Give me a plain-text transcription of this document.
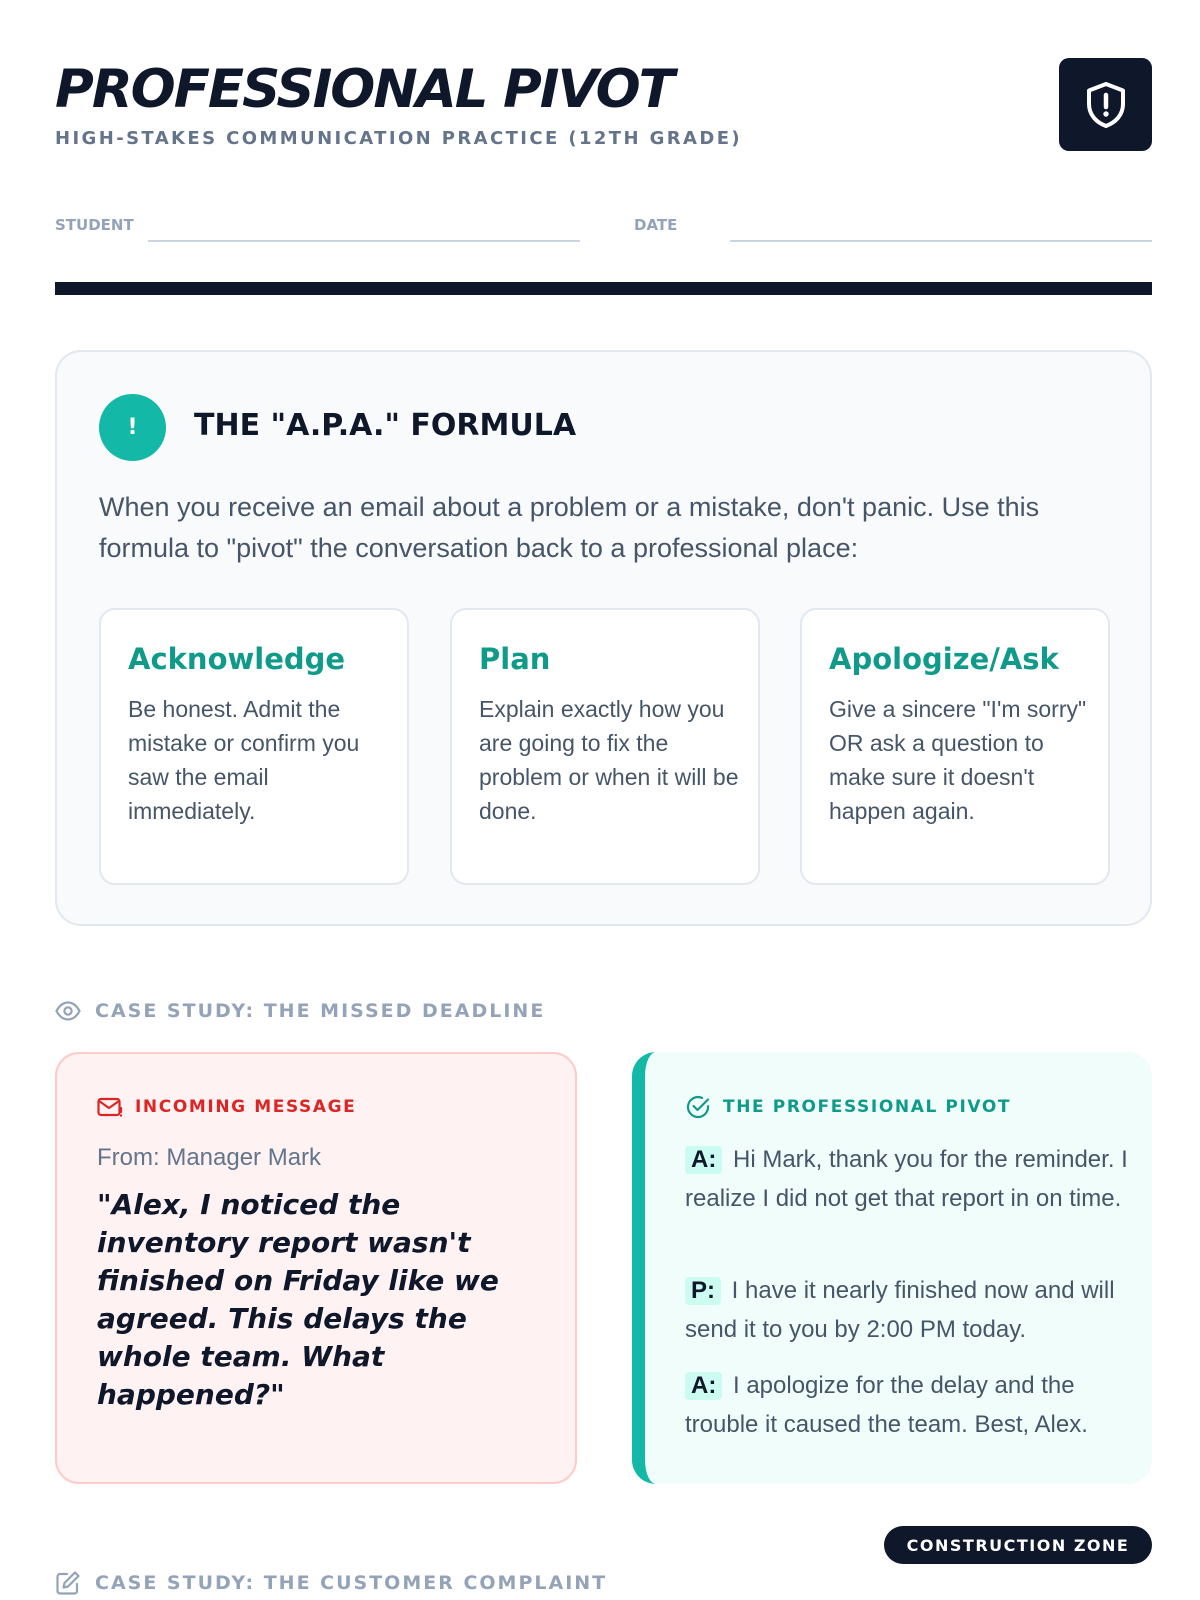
PROFESSIONAL PIVOT
HIGH-STAKES COMMUNICATION PRACTICE (12TH GRADE)
STUDENT	DATE
!	THE "A.P.A." FORMULA
When you receive an email about a problem or a mistake, don't panic. Use this formula to "pivot" the conversation back to a professional place:
Acknowledge
Be honest. Admit the mistake or confirm you saw the email immediately.
Plan
Explain exactly how you are going to fix the problem or when it will be done.
Apologize/Ask
Give a sincere "I'm sorry" OR ask a question to make sure it doesn't happen again.
CASE STUDY: THE MISSED DEADLINE
INCOMING MESSAGE
From: Manager Mark
"Alex, I noticed the inventory report wasn't finished on Friday like we agreed. This delays the whole team. What happened?"
THE PROFESSIONAL PIVOT
A: Hi Mark, thank you for the reminder. I realize I did not get that report in on time.
P: I have it nearly finished now and will send it to you by 2:00 PM today.
A: I apologize for the delay and the trouble it caused the team. Best, Alex.
CONSTRUCTION ZONE
CASE STUDY: THE CUSTOMER COMPLAINT
